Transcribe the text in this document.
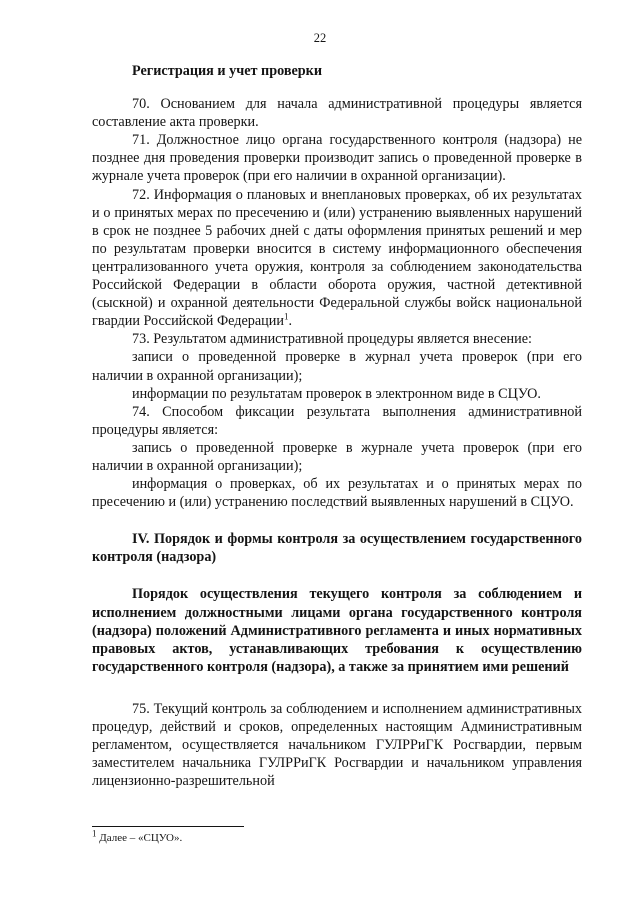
22

Регистрация и учет проверки

70. Основанием для начала административной процедуры является составление акта проверки.

71. Должностное лицо органа государственного контроля (надзора) не позднее дня проведения проверки производит запись о проведенной проверке в журнале учета проверок (при его наличии в охранной организации).

72. Информация о плановых и внеплановых проверках, об их результатах и о принятых мерах по пресечению и (или) устранению выявленных нарушений в срок не позднее 5 рабочих дней с даты оформления принятых решений и мер по результатам проверки вносится в систему информационного обеспечения централизованного учета оружия, контроля за соблюдением законодательства Российской Федерации в области оборота оружия, частной детективной (сыскной) и охранной деятельности Федеральной службы войск национальной гвардии Российской Федерации$^1$.

73. Результатом административной процедуры является внесение:

записи о проведенной проверке в журнал учета проверок (при его наличии в охранной организации);

информации по результатам проверок в электронном виде в СЦУО.

74. Способом фиксации результата выполнения административной процедуры является:

запись о проведенной проверке в журнале учета проверок (при его наличии в охранной организации);

информация о проверках, об их результатах и о принятых мерах по пресечению и (или) устранению последствий выявленных нарушений в СЦУО.

IV. Порядок и формы контроля за осуществлением государственного контроля (надзора)

Порядок осуществления текущего контроля за соблюдением и исполнением должностными лицами органа государственного контроля (надзора) положений Административного регламента и иных нормативных правовых актов, устанавливающих требования к осуществлению государственного контроля (надзора), а также за принятием ими решений

75. Текущий контроль за соблюдением и исполнением административных процедур, действий и сроков, определенных настоящим Административным регламентом, осуществляется начальником ГУЛРРиГК Росгвардии, первым заместителем начальника ГУЛРРиГК Росгвардии и начальником управления лицензионно-разрешительной

$^1$ Далее – «СЦУО».
